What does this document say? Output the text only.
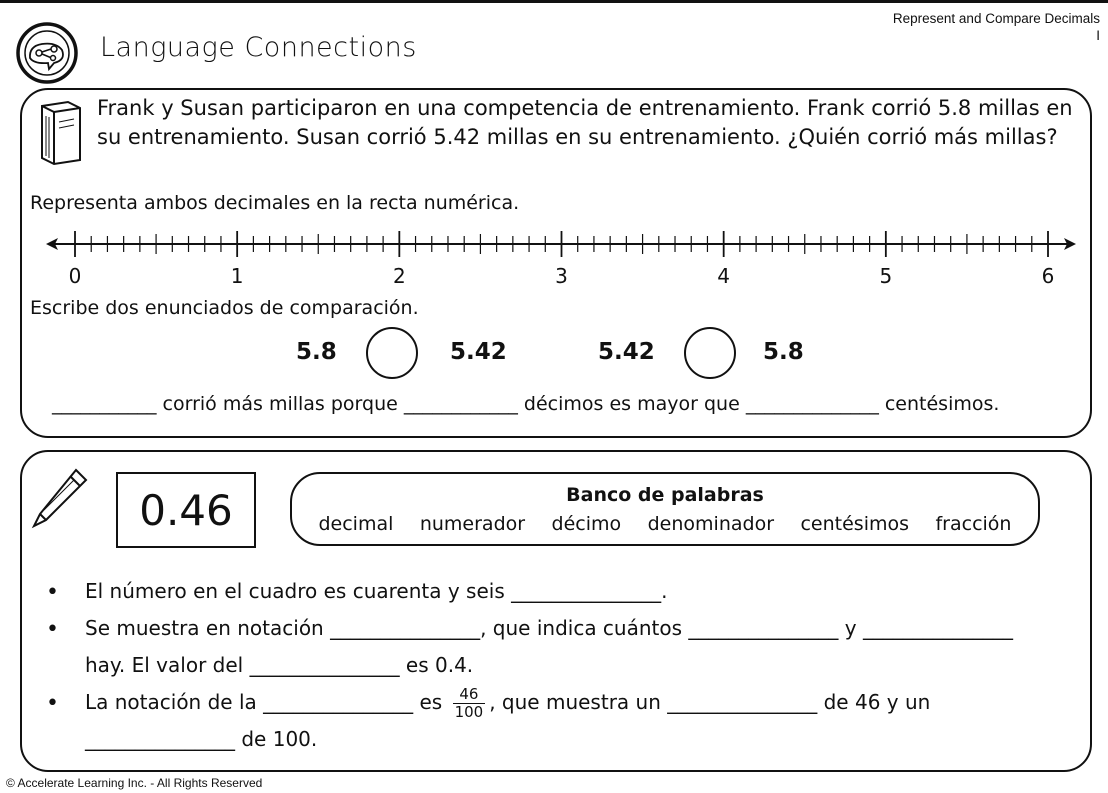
Represent and Compare Decimals
I
Language Connections
Frank y Susan participaron en una competencia de entrenamiento. Frank corrió 5.8 millas en su entrenamiento. Susan corrió 5.42 millas en su entrenamiento. ¿Quién corrió más millas?
Representa ambos decimales en la recta numérica.
0	1	2	3	4	5	6
Escribe dos enunciados de comparación.
5.8	5.42	5.42	5.8
___________ corrió más millas porque ____________ décimos es mayor que ______________ centésimos.
0.46	Banco de palabras
decimal numerador décimo denominador centésimos fracción
• El número en el cuadro es cuarenta y seis _______________.
• Se muestra en notación _______________, que indica cuántos _______________ y _______________
hay. El valor del _______________ es 0.4.
• La notación de la _______________ es $\frac{46}{100}$ , que muestra un _______________ de 46 y un
_______________ de 100.
© Accelerate Learning Inc. - All Rights Reserved
